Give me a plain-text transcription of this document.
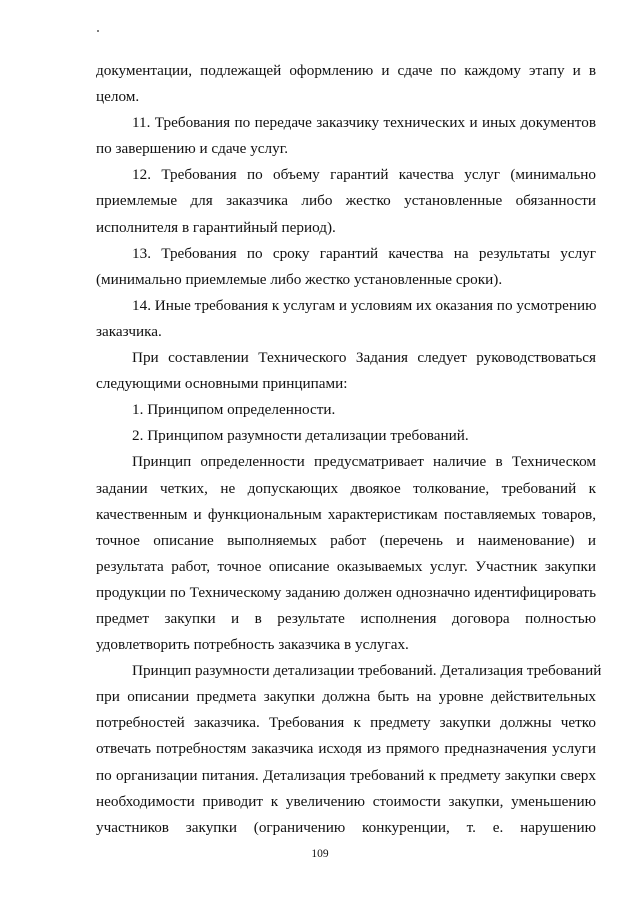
документации, подлежащей оформлению и сдаче по каждому этапу и в
целом.
11. Требования по передаче заказчику технических и иных документов
по завершению и сдаче услуг.
12. Требования по объему гарантий качества услуг (минимально
приемлемые для заказчика либо жестко установленные обязанности
исполнителя в гарантийный период).
13. Требования по сроку гарантий качества на результаты услуг
(минимально приемлемые либо жестко установленные сроки).
14. Иные требования к услугам и условиям их оказания по усмотрению
заказчика.
При составлении Технического Задания следует руководствоваться
следующими основными принципами:
1. Принципом определенности.
2. Принципом разумности детализации требований.
Принцип определенности предусматривает наличие в Техническом
задании четких, не допускающих двоякое толкование, требований к
качественным и функциональным характеристикам поставляемых товаров,
точное описание выполняемых работ (перечень и наименование) и
результата работ, точное описание оказываемых услуг. Участник закупки
продукции по Техническому заданию должен однозначно идентифицировать
предмет закупки и в результате исполнения договора полностью
удовлетворить потребность заказчика в услугах.
Принцип разумности детализации требований. Детализация требований
при описании предмета закупки должна быть на уровне действительных
потребностей заказчика. Требования к предмету закупки должны четко
отвечать потребностям заказчика исходя из прямого предназначения услуги
по организации питания. Детализация требований к предмету закупки сверх
необходимости приводит к увеличению стоимости закупки, уменьшению
участников закупки (ограничению конкуренции, т. е. нарушению
109
